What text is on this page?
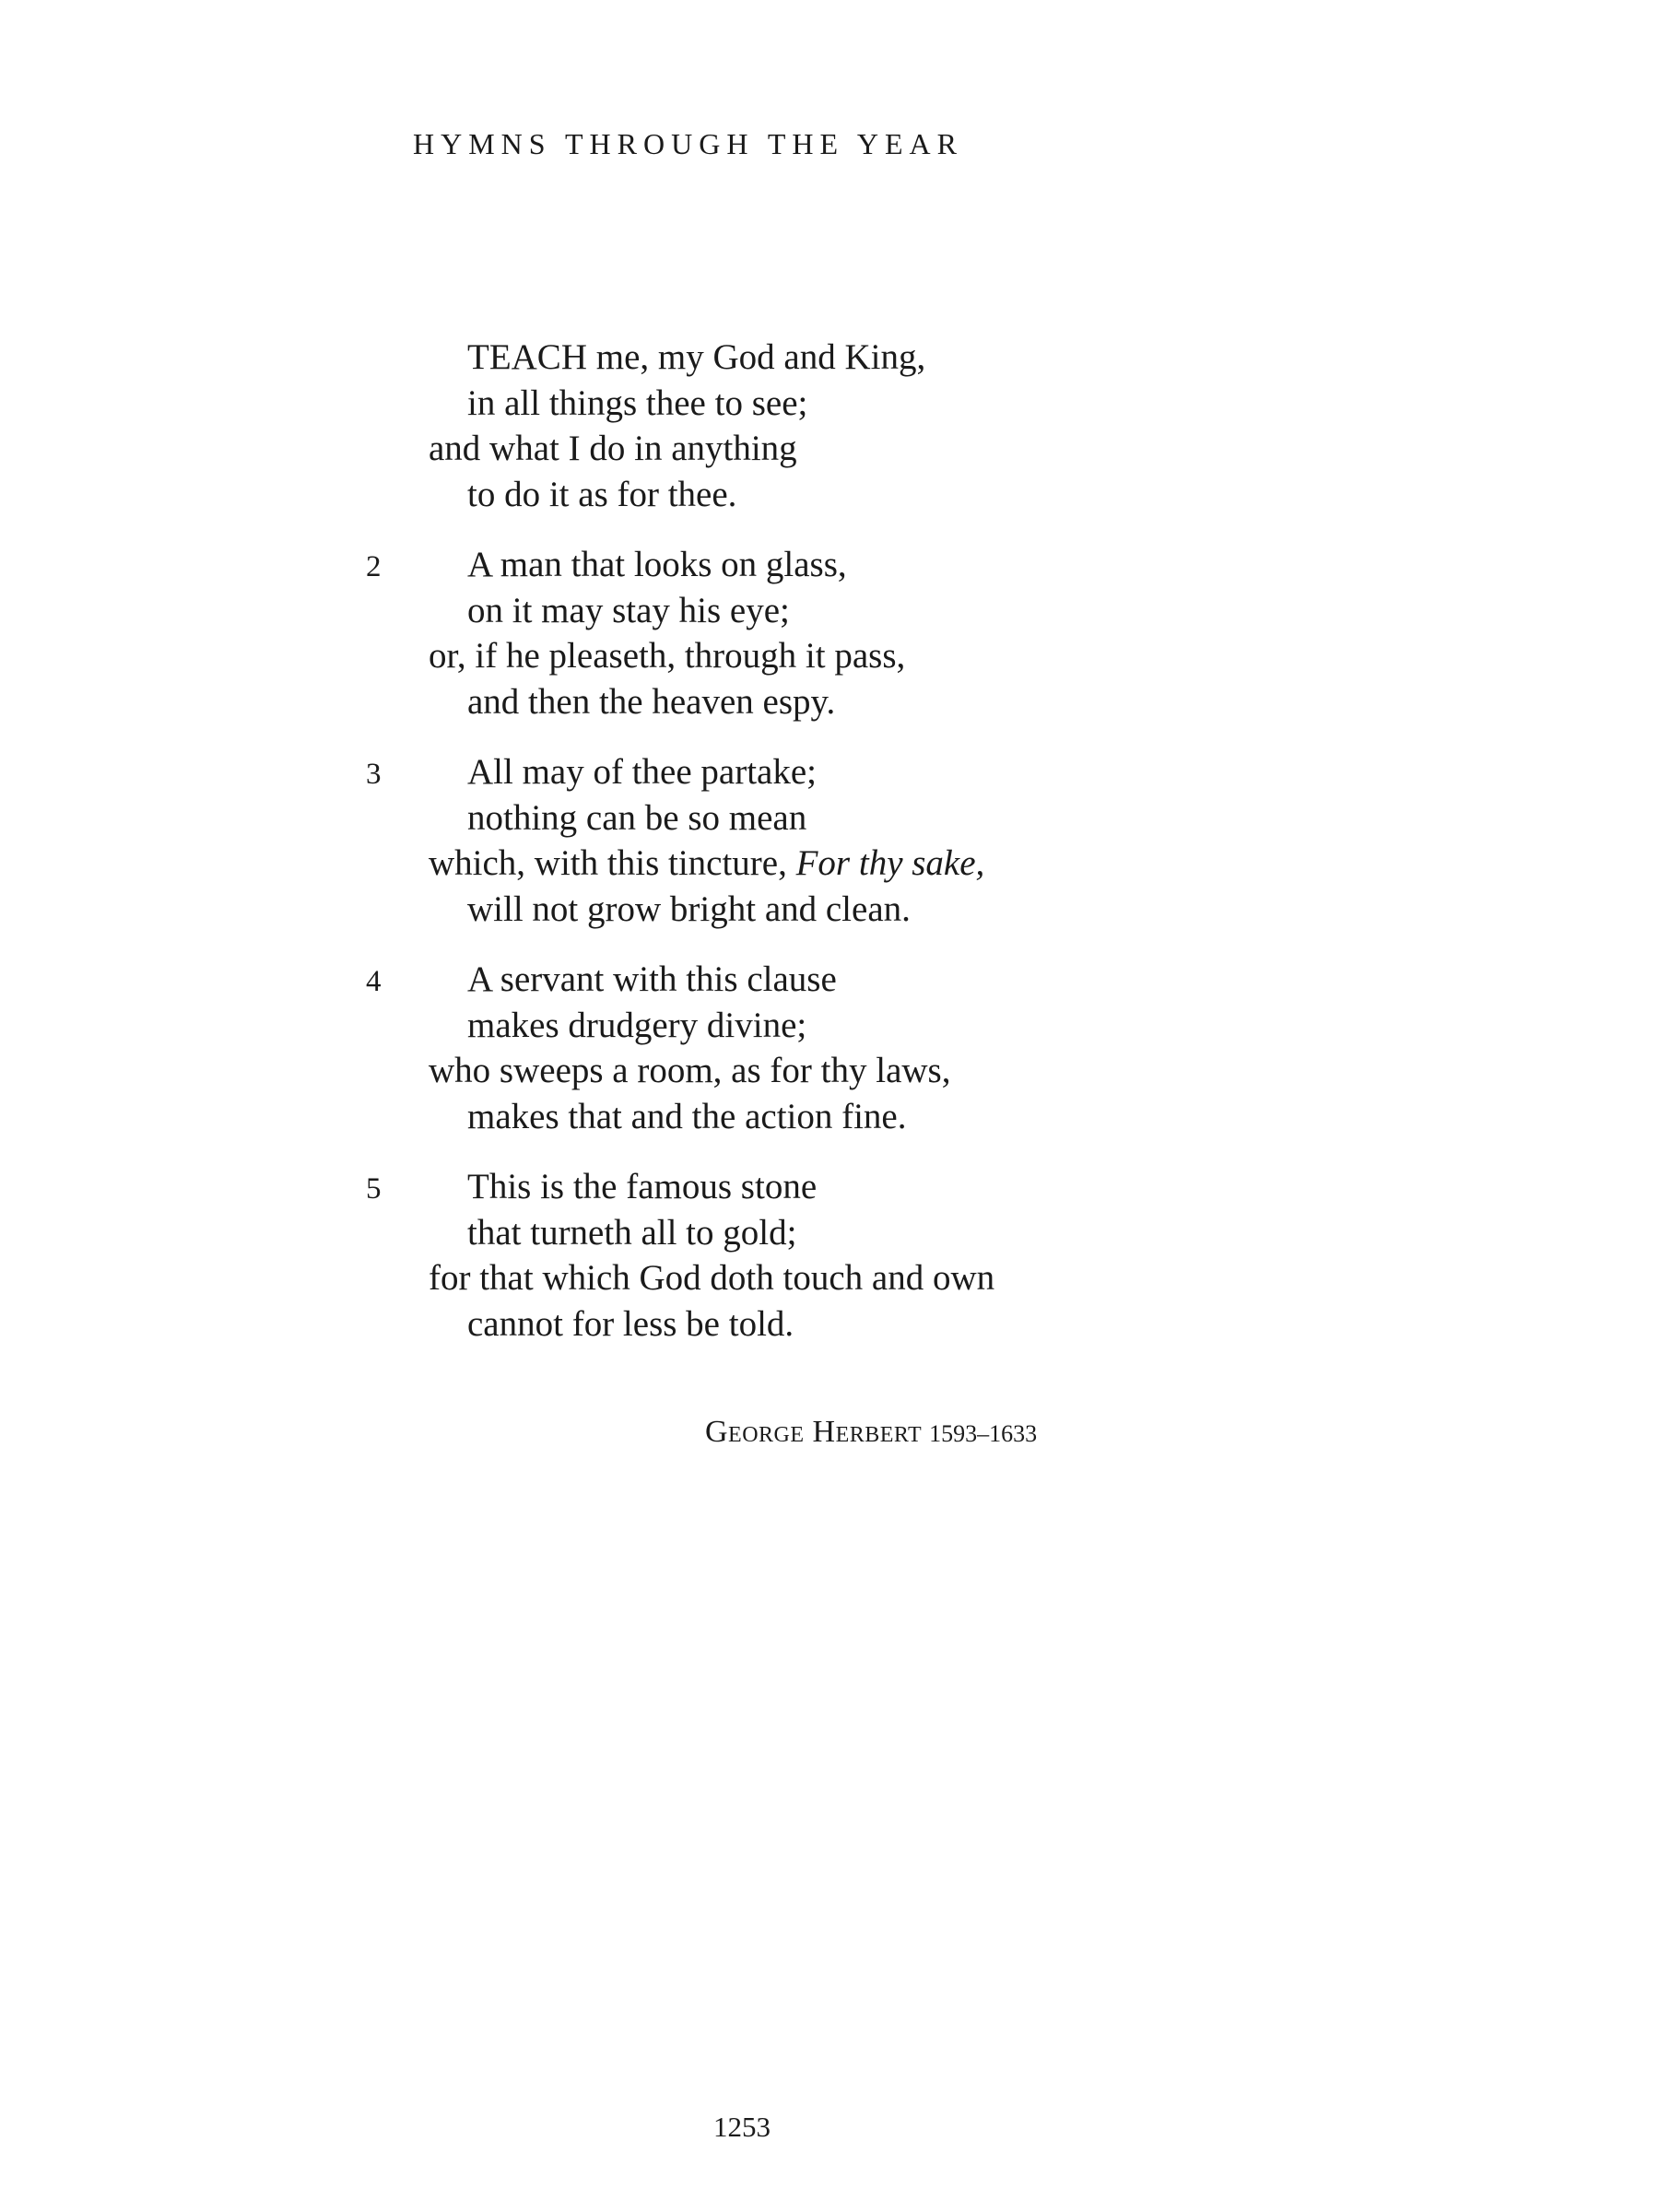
HYMNS THROUGH THE YEAR
TEACH me, my God and King,
in all things thee to see;
and what I do in anything
to do it as for thee.
2	A man that looks on glass,
on it may stay his eye;
or, if he pleaseth, through it pass,
and then the heaven espy.
3	All may of thee partake;
nothing can be so mean
which, with this tincture, For thy sake,
will not grow bright and clean.
4	A servant with this clause
makes drudgery divine;
who sweeps a room, as for thy laws,
makes that and the action fine.
5	This is the famous stone
that turneth all to gold;
for that which God doth touch and own
cannot for less be told.
George Herbert 1593–1633
1253
